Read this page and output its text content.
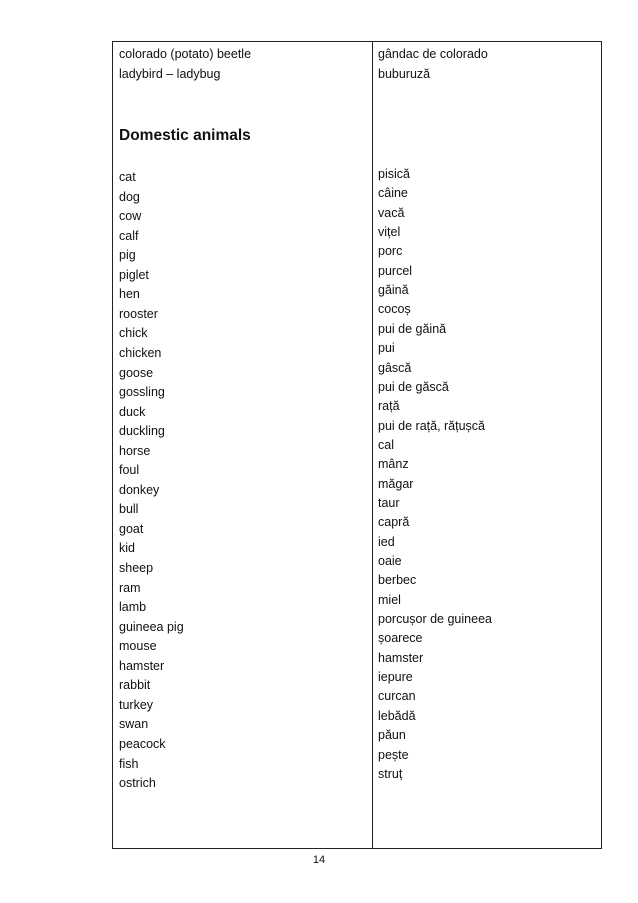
colorado (potato) beetle
ladybird – ladybug
Domestic animals
cat
dog
cow
calf
pig
piglet
hen
rooster
chick
chicken
goose
gossling
duck
duckling
horse
foul
donkey
bull
goat
kid
sheep
ram
lamb
guineea pig
mouse
hamster
rabbit
turkey
swan
peacock
fish
ostrich
gândac de colorado
buburuză
pisică
câine
vacă
vițel
porc
purcel
găină
cocoș
pui de găină
pui
gâscă
pui de găscă
rață
pui de rață, rățușcă
cal
mânz
măgar
taur
capră
ied
oaie
berbec
miel
porcușor de guineea
șoarece
hamster
iepure
curcan
lebădă
păun
pește
struț
14
